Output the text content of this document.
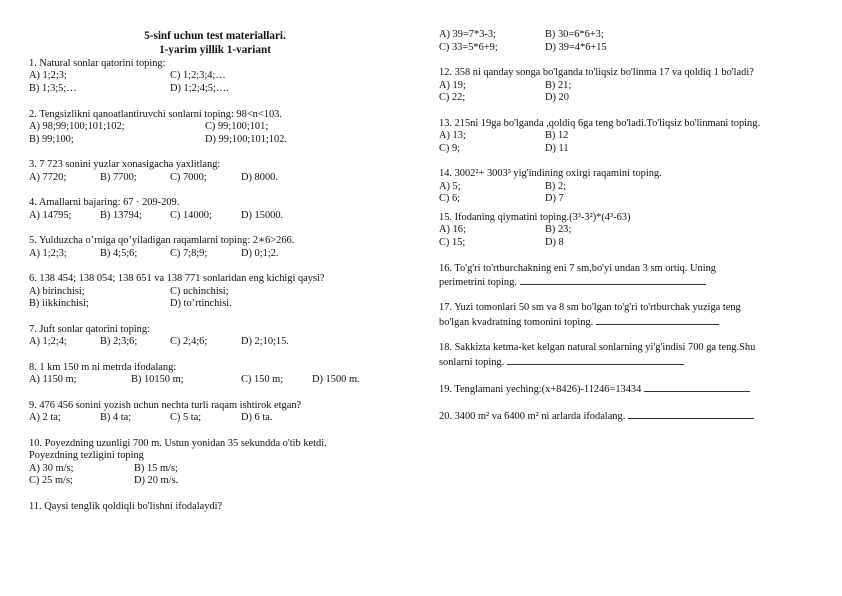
5-sinf uchun test materiallari.
1-yarim yillik 1-variant
1. Natural sonlar qatorini toping:
A) 1;2;3;	C) 1;2;3;4;…
B) 1;3;5;…	D) 1;2;4;5;….
2. Tengsizlikni qanoatlantiruvchi sonlarni toping: 98<n<103.
A) 98;99;100;101;102;	C) 99;100;101;
B) 99;100;	D) 99;100;101;102.
3. 7 723 sonini yuzlar xonasigacha yaxlitlang:
A) 7720;	B) 7700;	C) 7000;	D) 8000.
4. Amallarni bajaring: 67 · 209-209.
A) 14795;	B) 13794;	C) 14000;	D) 15000.
5. Yulduzcha o’rniga qo’yiladigan raqamlarni toping: 2∗6>266.
A) 1;2;3;	B) 4;5;6;	C) 7;8;9;	D) 0;1;2.
6. 138 454; 138 054; 138 651 va 138 771 sonlaridan eng kichigi qaysi?
A) birinchisi;	C) uchinchisi;
B) iikkinchisi;	D) to’rtinchisi.
7. Juft sonlar qatorini toping:
A) 1;2;4;	B) 2;3;6;	C) 2;4;6;	D) 2;10;15.
8. 1 km 150 m ni metrda ifodalang:
A) 1150 m;	B) 10150 m;	C) 150 m;	D) 1500 m.
9. 476 456 sonini yozish uchun nechta turli raqam ishtirok etgan?
A) 2 ta;	B) 4 ta;	C) 5 ta;	D) 6 ta.
10. Poyezdning uzunligi 700 m. Ustun yonidan 35 sekundda o'tib ketdi.
Poyezdning tezligini toping
A) 30 m/s;	B) 15 m/s;
C) 25 m/s;	D) 20 m/s.
11. Qaysi tenglik qoldiqli bo'lishni ifodalaydi?
A) 39=7*3-3;	B) 30=6*6+3;
C) 33=5*6+9;	D) 39=4*6+15
12. 358 ni qanday songa bo'lganda to'liqsiz bo'linma 17 va qoldiq 1 bo'ladi?
A) 19;	B) 21;
C) 22;	D) 20
13. 215ni 19ga bo'lganda ,qoldiq 6ga teng bo'ladi.To'liqsiz bo'linmani toping.
A) 13;	B) 12
C) 9;	D) 11
14. 3002²+ 3003³ yig'indining oxirgi raqamini toping.
A) 5;	B) 2;
C) 6;	D) 7
15. Ifodaning qiymatini toping.(3³-3²)*(4³-63)
A) 16;	B) 23;
C) 15;	D) 8
16. To'g'ri to'rtburchakning eni 7 sm,bo'yi undan 3 sm ortiq. Uning
perimetrini toping.
17. Yuzi tomonlari 50 sm va 8 sm bo'lgan to'g'ri to'rtburchak yuziga teng
bo'lgan kvadratning tomonini toping.
18. Sakkizta ketma-ket kelgan natural sonlarning yi'g'indisi 700 ga teng.Shu
sonlarni toping.
19. Tenglamani yeching:(x+8426)-11246=13434
20. 3400 m² va 6400 m² ni arlarda ifodalang.
